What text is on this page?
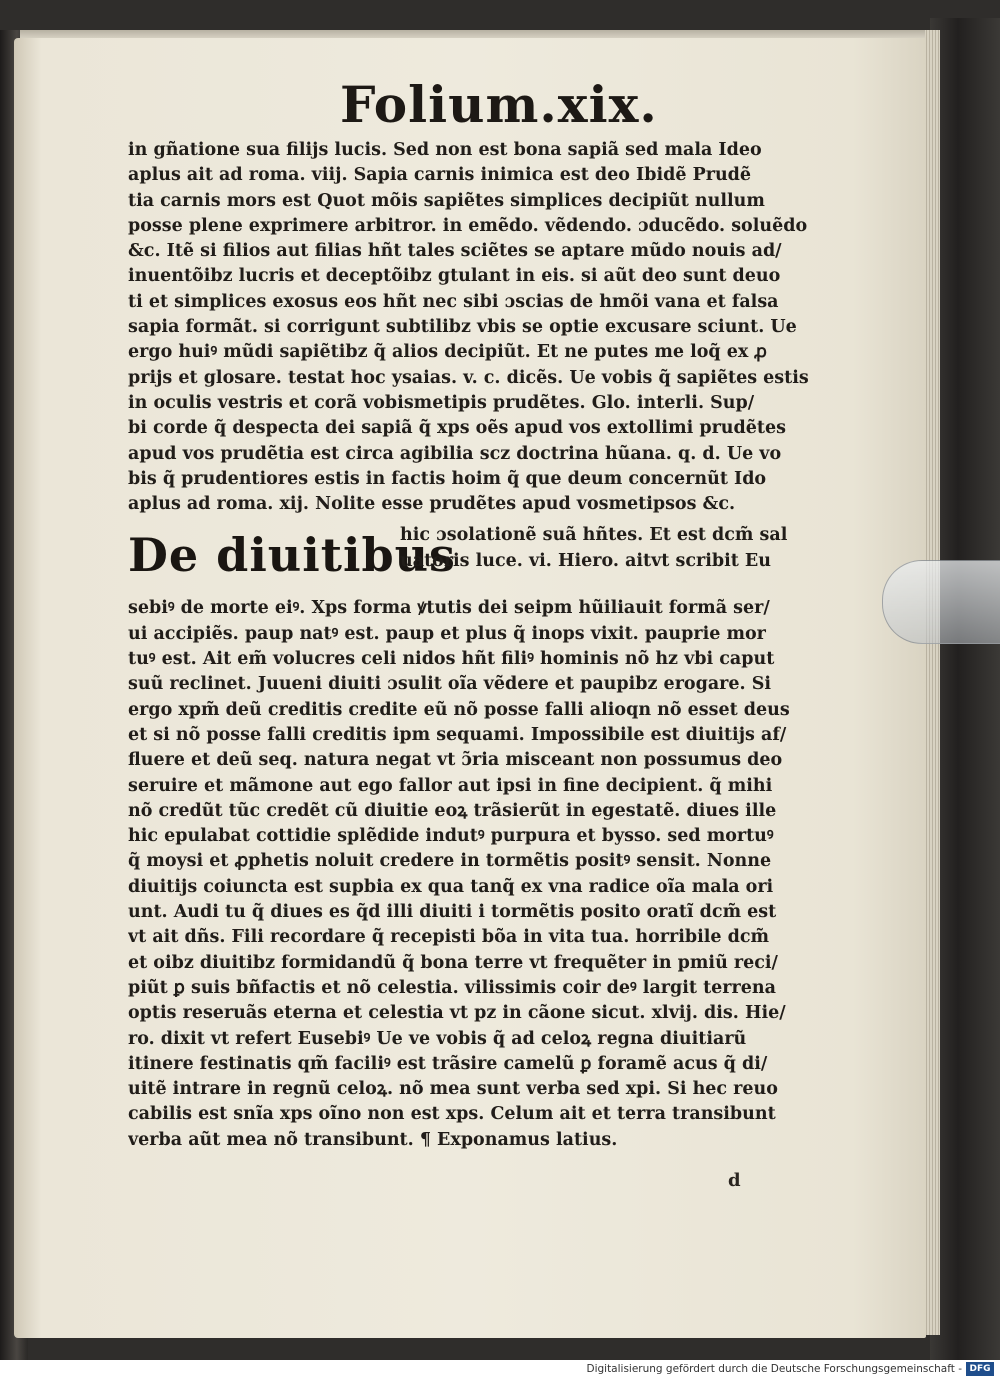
Folium.xix.
in gñatione sua filijs lucis. Sed non est bona sapiã sed mala Ideo
aplus ait ad roma. viij. Sapia carnis inimica est deo Ibidẽ Prudẽ
tia carnis mors est Quot mõis sapiẽtes simplices decipiũt nullum
posse plene exprimere arbitror. in emẽdo. vẽdendo. ɔducẽdo. soluẽdo
&c. Itẽ si filios aut filias hñt tales sciẽtes se aptare mũdo nouis ad/
inuentõibz lucris et deceptõibz gtulant in eis. si aũt deo sunt deuo
ti et simplices exosus eos hñt nec sibi ɔscias de hmõi vana et falsa
sapia formãt. si corrigunt subtilibz vbis se optie excusare sciunt. Ue
ergo huiꝰ mũdi sapiẽtibz q̃ alios decipiũt. Et ne putes me loq̃ ex ꝓ
prijs et glosare. testat hoc ysaias. v. c. dicẽs. Ue vobis q̃ sapiẽtes estis
in oculis vestris et corã vobismetipis prudẽtes. Glo. interli. Sup/
bi corde q̃ despecta dei sapiã q̃ xps oẽs apud vos extollimi prudẽtes
apud vos prudẽtia est circa agibilia scz doctrina hũana. q. d. Ue vo
bis q̃ prudentiores estis in factis hoim q̃ que deum concernũt Ido
aplus ad roma. xij. Nolite esse prudẽtes apud vosmetipsos &c.
De diuitibus
hic ɔsolationẽ suã hñtes. Et est dcm̃ sal
uatoris luce. vi. Hiero. aitvt scribit Eu
sebiꝰ de morte eiꝰ. Xps forma ꝟtutis dei seipm hũiliauit formã ser/
ui accipiẽs. paup natꝰ est. paup et plus q̃ inops vixit. pauprie mor
tuꝰ est. Ait em̃ volucres celi nidos hñt filiꝰ hominis nõ hz vbi caput
suũ reclinet. Juueni diuiti ɔsulit oĩa vẽdere et paupibz erogare. Si
ergo xpm̃ deũ creditis credite eũ nõ posse falli alioqn nõ esset deus
et si nõ posse falli creditis ipm sequami. Impossibile est diuitijs af/
fluere et deũ seq. natura negat vt ɔ̃ria misceant non possumus deo
seruire et mãmone aut ego fallor aut ipsi in fine decipient. q̃ mihi
nõ credũt tũc credẽt cũ diuitie eoꝝ trãsierũt in egestatẽ. diues ille
hic epulabat cottidie splẽdide indutꝰ purpura et bysso. sed mortuꝰ
q̃ moysi et ꝓphetis noluit credere in tormẽtis positꝰ sensit. Nonne
diuitijs coiuncta est supbia ex qua tanq̃ ex vna radice oĩa mala ori
unt. Audi tu q̃ diues es q̃d illi diuiti i tormẽtis posito oratĩ dcm̃ est
vt ait dñs. Fili recordare q̃ recepisti bõa in vita tua. horribile dcm̃
et oibz diuitibz formidandũ q̃ bona terre vt frequẽter in pmiũ reci/
piũt ꝑ suis bñfactis et nõ celestia. vilissimis coir deꝰ largit terrena
optis reseruãs eterna et celestia vt pz in cãone sicut. xlvij. dis. Hie/
ro. dixit vt refert Eusebiꝰ Ue ve vobis q̃ ad celoꝝ regna diuitiarũ
itinere festinatis qm̃ faciliꝰ est trãsire camelũ ꝑ foramẽ acus q̃ di/
uitẽ intrare in regnũ celoꝝ. nõ mea sunt verba sed xpi. Si hec reuo
cabilis est snĩa xps oĩno non est xps. Celum ait et terra transibunt
verba aũt mea nõ transibunt. ¶ Exponamus latius.
d
Digitalisierung gefördert durch die Deutsche Forschungsgemeinschaft - DFG
